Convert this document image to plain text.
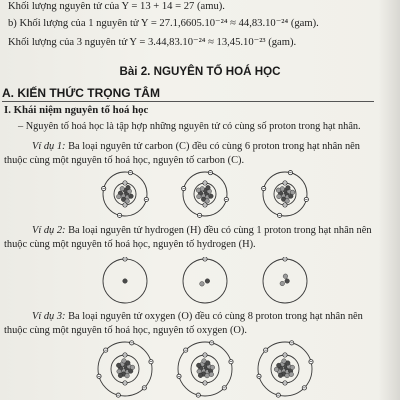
Khối lượng nguyên tử của Y = 13 + 14 = 27 (amu).
b) Khối lượng của 1 nguyên tử Y = 27.1,6605.10⁻²⁴ ≈ 44,83.10⁻²⁴ (gam).
Khối lượng của 3 nguyên tử Y = 3.44,83.10⁻²⁴ ≈ 13,45.10⁻²³ (gam).
Bài 2. NGUYÊN TỐ HOÁ HỌC
A. KIẾN THỨC TRỌNG TÂM
I. Khái niệm nguyên tố hoá học
– Nguyên tố hoá học là tập hợp những nguyên tử có cùng số proton trong hạt nhân.
Ví dụ 1: Ba loại nguyên tử carbon (C) đều có cùng 6 proton trong hạt nhân nên thuộc cùng một nguyên tố hoá học, nguyên tố carbon (C).
Ví dụ 2: Ba loại nguyên tử hydrogen (H) đều có cùng 1 proton trong hạt nhân nên thuộc cùng một nguyên tố hoá học, nguyên tố hydrogen (H).
Ví dụ 3: Ba loại nguyên tử oxygen (O) đều có cùng 8 proton trong hạt nhân nên thuộc cùng một nguyên tố hoá học, nguyên tố oxygen (O).
